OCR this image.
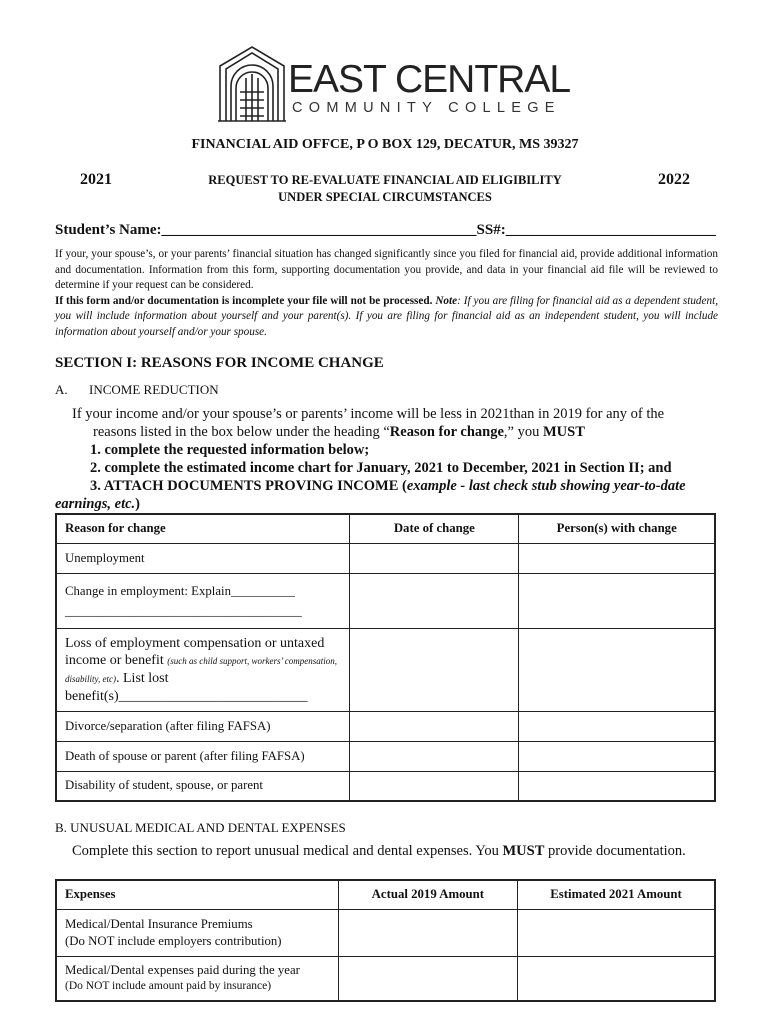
EAST CENTRAL
COMMUNITY COLLEGE
FINANCIAL AID OFFCE, P O BOX 129, DECATUR, MS 39327
2021	2022
REQUEST TO RE-EVALUATE FINANCIAL AID ELIGIBILITY
UNDER SPECIAL CIRCUMSTANCES
Student’s Name:__________________________________________SS#:____________________________
If your, your spouse’s, or your parents’ financial situation has changed significantly since you filed for financial aid, provide additional information and documentation. Information from this form, supporting documentation you provide, and data in your financial aid file will be reviewed to determine if your request can be considered.
If this form and/or documentation is incomplete your file will not be processed. Note: If you are filing for financial aid as a dependent student, you will include information about yourself and your parent(s). If you are filing for financial aid as an independent student, you will include information about yourself and/or your spouse.
SECTION I: REASONS FOR INCOME CHANGE
A. INCOME REDUCTION
If your income and/or your spouse’s or parents’ income will be less in 2021than in 2019 for any of the
reasons listed in the box below under the heading “Reason for change,” you MUST
1. complete the requested information below;
2. complete the estimated income chart for January, 2021 to December, 2021 in Section II; and
3. ATTACH DOCUMENTS PROVING INCOME (example - last check stub showing year-to-date
earnings, etc.)
Reason for change	Date of change	Person(s) with change
Unemployment		

Change in employment: Explain__________
_____________________________________		

Loss of employment compensation or untaxed income or benefit (such as child support, workers’ compensation, disability, etc). List lost benefit(s)___________________________		
Divorce/separation (after filing FAFSA)		
Death of spouse or parent (after filing FAFSA)		
Disability of student, spouse, or parent		
B. UNUSUAL MEDICAL AND DENTAL EXPENSES
Complete this section to report unusual medical and dental expenses. You MUST provide documentation.
Expenses	Actual 2019 Amount	Estimated 2021 Amount

Medical/Dental Insurance Premiums
(Do NOT include employers contribution)		

Medical/Dental expenses paid during the year
(Do NOT include amount paid by insurance)		
